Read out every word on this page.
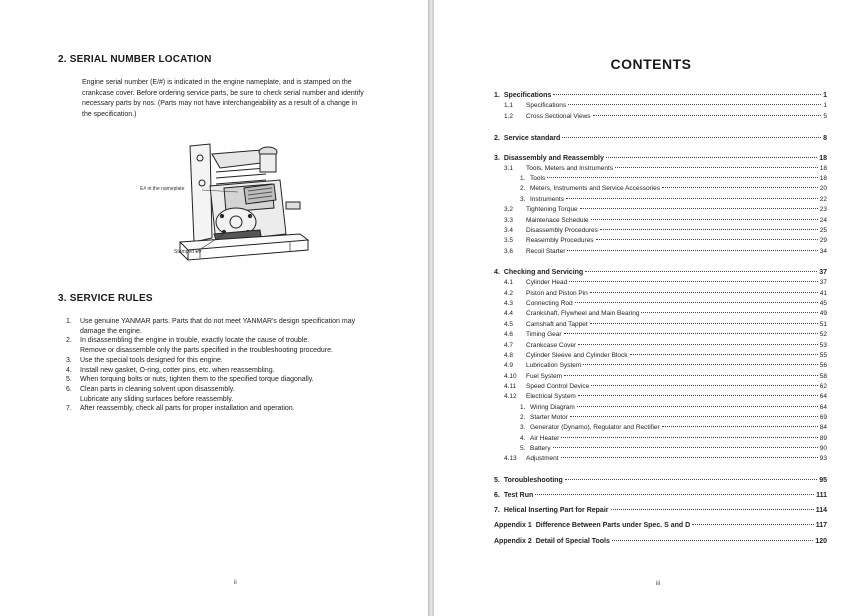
2. SERIAL NUMBER LOCATION
Engine serial number (E/#) is indicated in the engine nameplate, and is stamped on the
crankcase cover. Before ordering service parts, be sure to check serial number and identify
necessary parts by nos. (Parts may not have interchangeability as a result of a change in
the specification.)
E# in the nameplate
Stamped E#
3. SERVICE RULES
1. Use genuine YANMAR parts. Parts that do not meet YANMAR's design specification may
damage the engine.
2. In disassembling the engine in trouble, exactly locate the cause of trouble.
Remove or disassemble only the parts specified in the troubleshooting procedure.
3. Use the special tools designed for this engine.
4. Install new gasket, O-ring, cotter pins, etc. when reassembling.
5. When torquing bolts or nuts, tighten them to the specified torque diagonally.
6. Clean parts in cleaning solvent upon disassembly.
Lubricate any sliding surfaces before reassembly.
7. After reassembly, check all parts for proper installation and operation.
ii
CONTENTS
iii
1. Specifications	1
1.1 Specifications	1
1.2 Cross Sectional Views	5
2. Service standard	8
3. Disassembly and Reassembly	18
3.1 Tools, Meters and Instruments	18
1. Tools	18
2. Meters, Instruments and Service Accessories	20
3. Instruments	22
3.2 Tightening Torque	23
3.3 Maintenace Schedule	24
3.4 Disassembly Procedures	25
3.5 Reasembly Procedures	29
3.6 Recoil Starter	34
4. Checking and Servicing	37
4.1 Cylinder Head	37
4.2 Piston and Piston Pin	41
4.3 Connecting Rod	45
4.4 Crankshaft, Flywheel and Main Bearing	49
4.5 Camshaft and Tappet	51
4.6 Timing Gear	52
4.7 Crankcase Cover	53
4.8 Cylinder Sleeve and Cylinder Block	55
4.9 Lubrication System	56
4.10 Fuel System	58
4.11 Speed Control Device	62
4.12 Electrical System	64
1. Wiring Diagram	64
2. Starter Motor	69
3. Generator (Dynamo), Regulator and Rectifier	84
4. Air Heater	89
5. Battery	90
4.13 Adjustment	93
5. Toroubleshooting	95
6. Test Run	111
7. Helical Inserting Part for Repair	114
Appendix 1 Difference Between Parts under Spec. S and D	117
Appendix 2 Detail of Special Tools	120
